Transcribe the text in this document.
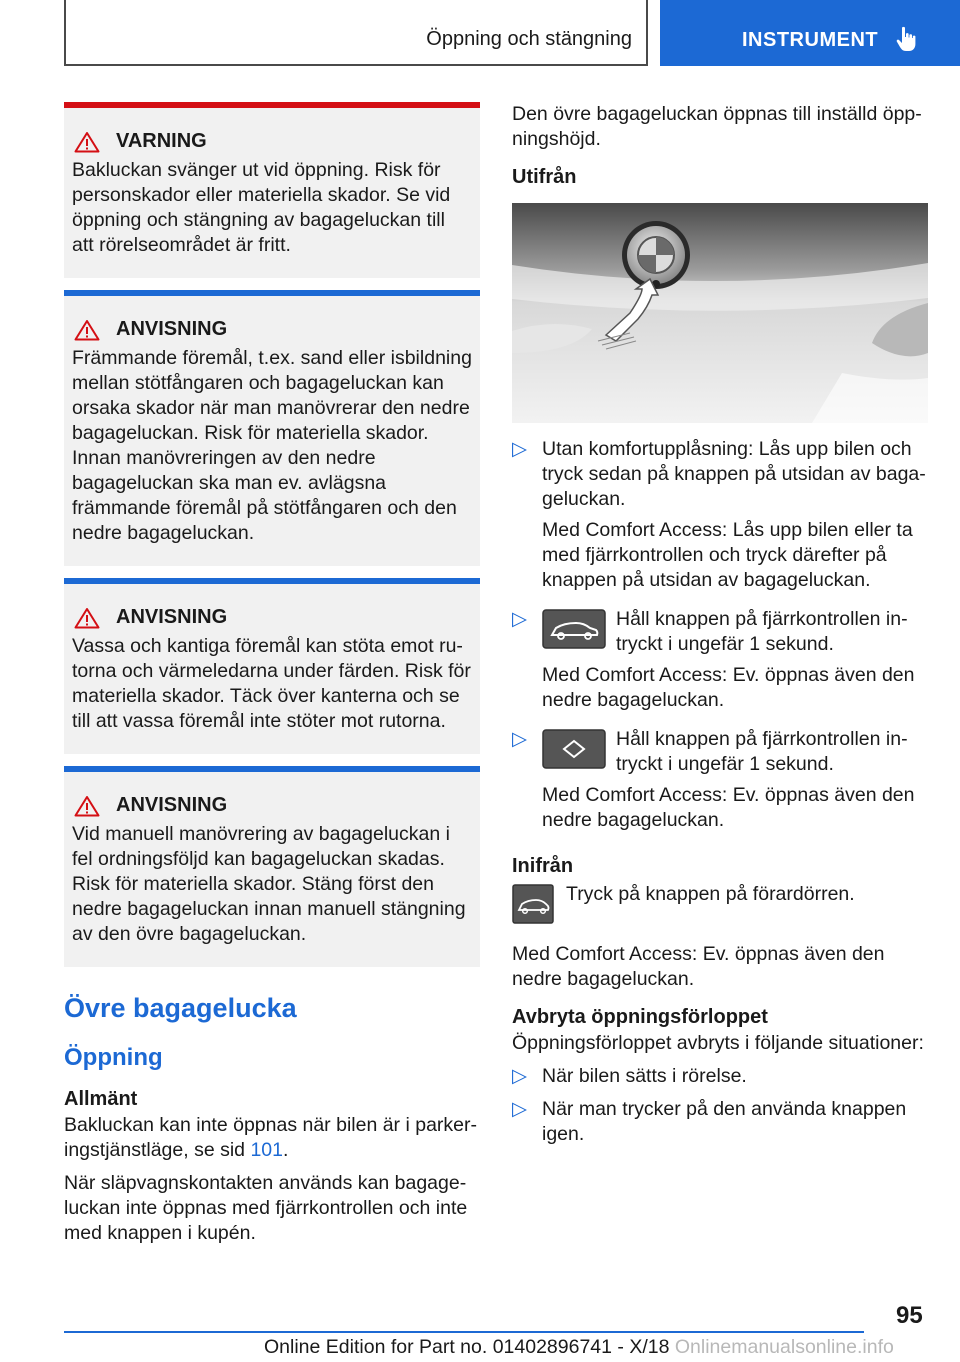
Öppning och stängning	INSTRUMENT
VARNING

Bakluckan svänger ut vid öppning. Risk för personskador eller materiella skador. Se vid öppning och stängning av bagageluckan till att rörelseområdet är fritt.

ANVISNING

Främmande föremål, t.ex. sand eller isbildning mellan stötfångaren och bagageluckan kan orsaka skador när man manövrerar den nedre bagageluckan. Risk för materiella skador. Innan manövreringen av den nedre bagageluckan ska man ev. avlägsna främmande föremål på stötfångaren och den nedre bagageluckan.

ANVISNING

Vassa och kantiga föremål kan stöta emot rutorna och värmeledarna under färden. Risk för materiella skador. Täck över kanterna och se till att vassa föremål inte stöter mot rutorna.

ANVISNING

Vid manuell manövrering av bagageluckan i fel ordningsföljd kan bagageluckan skadas. Risk för materiella skador. Stäng först den nedre bagageluckan innan manuell stängning av den övre bagageluckan.

Övre bagagelucka
Öppning
Allmänt

Bakluckan kan inte öppnas när bilen är i parkeringstjänstläge, se sid 101.

När släpvagnskontakten används kan bagageluckan inte öppnas med fjärrkontrollen och inte med knappen i kupén.

Den övre bagageluckan öppnas till inställd öppningshöjd.

Utifrån
▷ Utan komfortupplåsning: Lås upp bilen och tryck sedan på knappen på utsidan av bagageluckan.
Med Comfort Access: Lås upp bilen eller ta med fjärrkontrollen och tryck därefter på knappen på utsidan av bagageluckan.
▷	Håll knappen på fjärrkontrollen intryckt i ungefär 1 sekund.
Med Comfort Access: Ev. öppnas även den nedre bagageluckan.
▷	Håll knappen på fjärrkontrollen intryckt i ungefär 1 sekund.
Med Comfort Access: Ev. öppnas även den nedre bagageluckan.
Inifrån
Tryck på knappen på förardörren.

Med Comfort Access: Ev. öppnas även den nedre bagageluckan.

Avbryta öppningsförloppet

Öppningsförloppet avbryts i följande situationer:

▷ När bilen sätts i rörelse.
▷ När man trycker på den använda knappen igen.
95
Online Edition for Part no. 01402896741 - X/18 Onlinemanualsonline.info
